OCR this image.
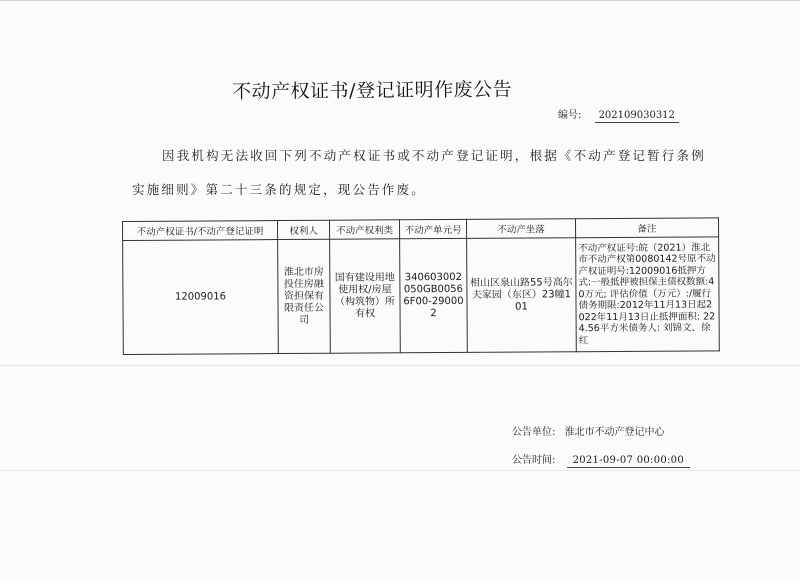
不动产权证书/登记证明作废公告
编号: 202109030312
因我机构无法收回下列不动产权证书或不动产登记证明，根据《不动产登记暂行条例
实施细则》第二十三条的规定，现公告作废。
不动产权证书/不动产登记证明	权利人	不动产权利类	不动产单元号	不动产坐落	备注
12009016	淮北市房投住房融资担保有限责任公司	国有建设用地使用权/房屋（构筑物）所有权	340603002050GB00566F00-290002	相山区泉山路55号高尔夫家园（东区）23幢101	不动产权证号:皖（2021）淮北市不动产权第0080142号原不动产权证明号:12009016抵押方式:一般抵押被担保主债权数额:40万元; 评估价值（万元）:/履行债务期限:2012年11月13日起2022年11月13日止抵押面积: 224.56平方米债务人: 刘锦文、徐红
公告单位: 淮北市不动产登记中心
公告时间: 2021-09-07 00:00:00
